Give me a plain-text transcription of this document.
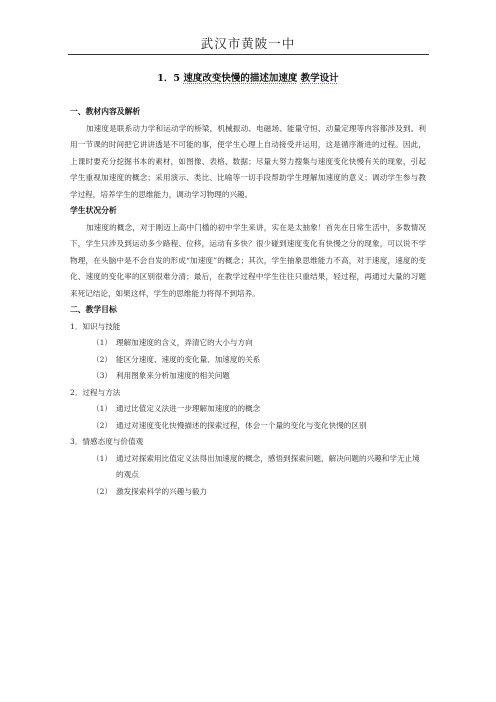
武汉市黄陂一中
1．5 速度改变快慢的描述加速度 教学设计

一、教材内容及解析

加速度是联系动力学和运动学的桥梁，机械振动、电磁场、能量守恒、动量定理等内容都涉及到。利用一节课的时间把它讲讲透是不可能的事，使学生心理上自动接受并运用，这是循序渐进的过程。因此，上课时要充分挖掘书本的素材，如图像、表格、数据；尽量大努力搜集与速度变化快慢有关的现象，引起学生重视加速度的概念；采用演示、类比、比喻等一切手段帮助学生理解加速度的意义；调动学生参与教学过程，培养学生的思维能力，调动学习物理的兴趣。

学生状况分析

加速度的概念，对于刚迈上高中门槛的初中学生来讲，实在是太抽象！首先在日常生活中，多数情况下，学生只涉及到运动多少路程、位移，运动有多快？很少碰到速度变化有快慢之分的现象，可以说不学物理，在头脑中是不会自发的形成“加速度”的概念；其次，学生抽象思维能力不高，对于速度，速度的变化、速度的变化率的区别很难分清；最后，在教学过程中学生往往只重结果，轻过程，再通过大量的习题来死记结论，如果这样，学生的思维能力将得不到培养。

二、教学目标

1．知识与技能

（1） 理解加速度的含义，弄清它的大小与方向
（2） 能区分速度、速度的变化量、加速度的关系
（3） 利用图象来分析加速度的相关问题

2．过程与方法

（1） 通过比值定义法进一步理解加速度的的概念
（2） 通过对速度变化快慢描述的探索过程，体会一个量的变化与变化快慢的区别

3．情感态度与价值观

（1） 通过对探索用比值定义法得出加速度的概念，感悟到探索问题，解决问题的兴趣和学无止境的观点
（2） 激发探索科学的兴趣与毅力
